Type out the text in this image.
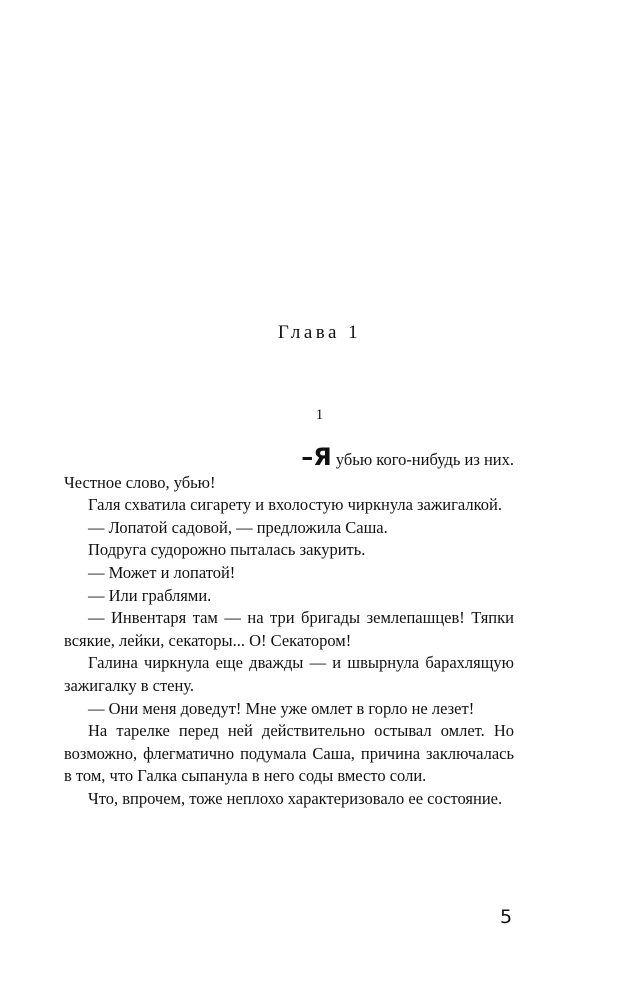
Глава 1
1

–Я убью кого-нибудь из них.
Честное слово, убью!

Галя схватила сигарету и вхолостую чиркнула зажигалкой.

— Лопатой садовой, — предложила Саша.

Подруга судорожно пыталась закурить.

— Может и лопатой!

— Или граблями.

— Инвентаря там — на три бригады землепашцев! Тяпки всякие, лейки, секаторы... О! Секатором!

Галина чиркнула еще дважды — и швырнула барахлящую зажигалку в стену.

— Они меня доведут! Мне уже омлет в горло не лезет!

На тарелке перед ней действительно остывал омлет. Но возможно, флегматично подумала Саша, причина заключалась в том, что Галка сыпанула в него соды вместо соли.

Что, впрочем, тоже неплохо характеризовало ее состояние.

5
